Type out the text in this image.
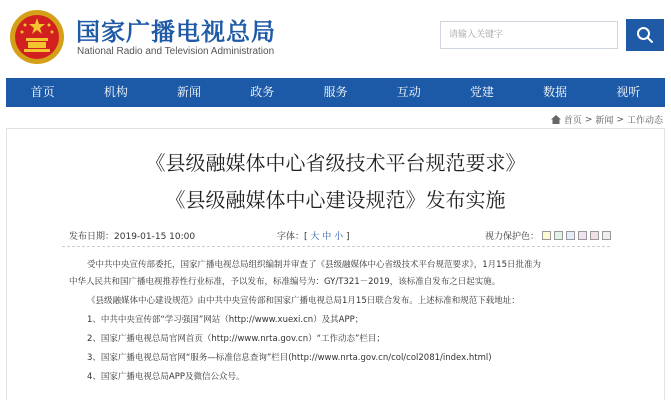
国家广播电视总局
National Radio and Television Administration
请输入关键字
首页	机构	新闻	政务	服务	互动	党建	数据	视听
首页 > 新闻 > 工作动态
《县级融媒体中心省级技术平台规范要求》
《县级融媒体中心建设规范》发布实施
发布日期：2019-01-15 10:00	字体：[ 大 中 小 ]	视力保护色：
受中共中央宣传部委托，国家广播电视总局组织编制并审查了《县级融媒体中心省级技术平台规范要求》，1月15日批准为
中华人民共和国广播电视推荐性行业标准，予以发布，标准编号为：GY/T321－2019，该标准自发布之日起实施。
《县级融媒体中心建设规范》由中共中央宣传部和国家广播电视总局1月15日联合发布。上述标准和规范下载地址：
1、中共中央宣传部“学习强国”网站（http://www.xuexi.cn）及其APP；
2、国家广播电视总局官网首页（http://www.nrta.gov.cn）“工作动态”栏目；
3、国家广播电视总局官网“服务—标准信息查询”栏目(http://www.nrta.gov.cn/col/col2081/index.html)
4、国家广播电视总局APP及微信公众号。
